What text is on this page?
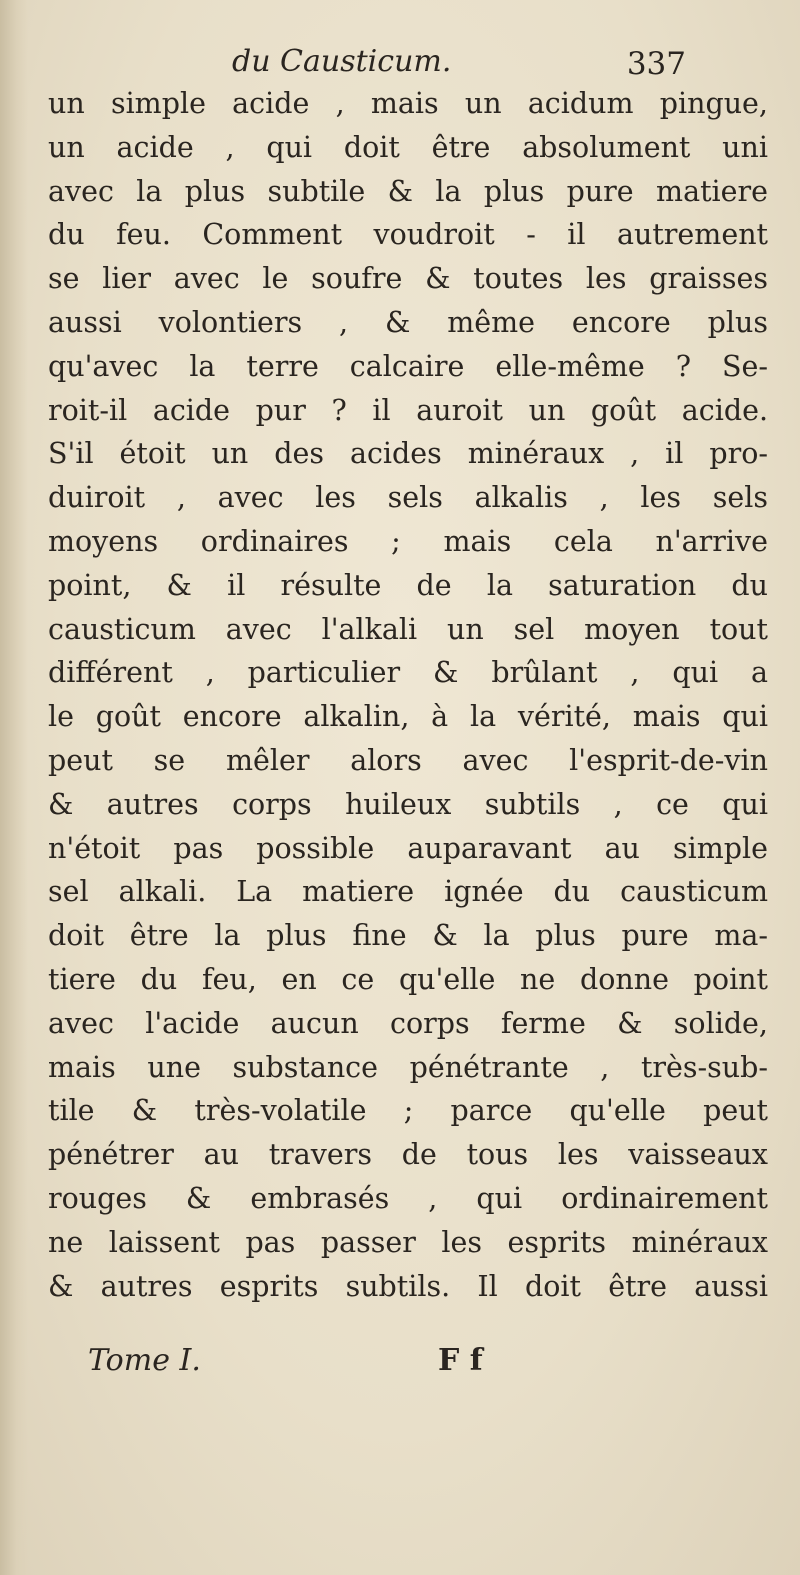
du Causticum.	337
un simple acide , mais un acidum pingue,
un acide , qui doit être absolument uni
avec la plus subtile & la plus pure matiere
du feu. Comment voudroit - il autrement
se lier avec le soufre & toutes les graisses
aussi volontiers , & même encore plus
qu'avec la terre calcaire elle-même ? Se-
roit-il acide pur ? il auroit un goût acide.
S'il étoit un des acides minéraux , il pro-
duiroit , avec les sels alkalis , les sels
moyens ordinaires ; mais cela n'arrive
point, & il résulte de la saturation du
causticum avec l'alkali un sel moyen tout
différent , particulier & brûlant , qui a
le goût encore alkalin, à la vérité, mais qui
peut se mêler alors avec l'esprit-de-vin
& autres corps huileux subtils , ce qui
n'étoit pas possible auparavant au simple
sel alkali. La matiere ignée du causticum
doit être la plus fine & la plus pure ma-
tiere du feu, en ce qu'elle ne donne point
avec l'acide aucun corps ferme & solide,
mais une substance pénétrante , très-sub-
tile & très-volatile ; parce qu'elle peut
pénétrer au travers de tous les vaisseaux
rouges & embrasés , qui ordinairement
ne laissent pas passer les esprits minéraux
& autres esprits subtils. Il doit être aussi
Tome I.	F f
